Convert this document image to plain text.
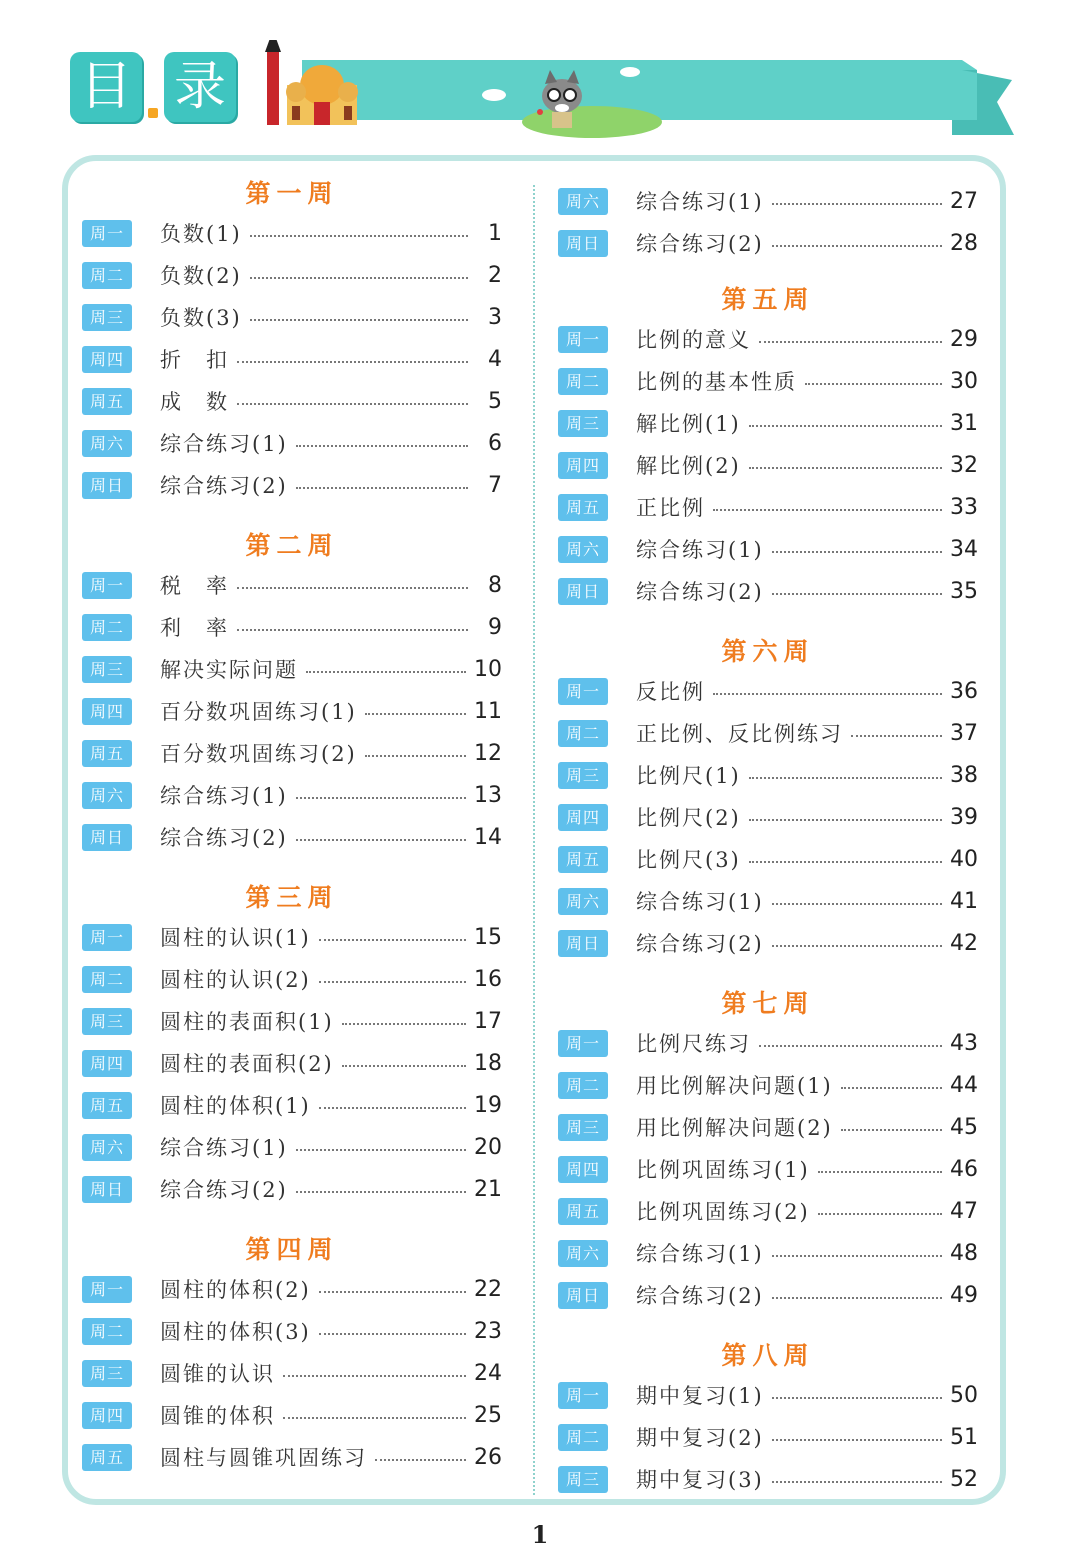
目 录
第一周
周一	负数(1)	1
周二	负数(2)	2
周三	负数(3)	3
周四	折　扣	4
周五	成　数	5
周六	综合练习(1)	6
周日	综合练习(2)	7
第二周
周一	税　率	8
周二	利　率	9
周三	解决实际问题	10
周四	百分数巩固练习(1)	11
周五	百分数巩固练习(2)	12
周六	综合练习(1)	13
周日	综合练习(2)	14
第三周
周一	圆柱的认识(1)	15
周二	圆柱的认识(2)	16
周三	圆柱的表面积(1)	17
周四	圆柱的表面积(2)	18
周五	圆柱的体积(1)	19
周六	综合练习(1)	20
周日	综合练习(2)	21
第四周
周一	圆柱的体积(2)	22
周二	圆柱的体积(3)	23
周三	圆锥的认识	24
周四	圆锥的体积	25
周五	圆柱与圆锥巩固练习	26
周六	综合练习(1)	27
周日	综合练习(2)	28
第五周
周一	比例的意义	29
周二	比例的基本性质	30
周三	解比例(1)	31
周四	解比例(2)	32
周五	正比例	33
周六	综合练习(1)	34
周日	综合练习(2)	35
第六周
周一	反比例	36
周二	正比例、反比例练习	37
周三	比例尺(1)	38
周四	比例尺(2)	39
周五	比例尺(3)	40
周六	综合练习(1)	41
周日	综合练习(2)	42
第七周
周一	比例尺练习	43
周二	用比例解决问题(1)	44
周三	用比例解决问题(2)	45
周四	比例巩固练习(1)	46
周五	比例巩固练习(2)	47
周六	综合练习(1)	48
周日	综合练习(2)	49
第八周
周一	期中复习(1)	50
周二	期中复习(2)	51
周三	期中复习(3)	52
1
